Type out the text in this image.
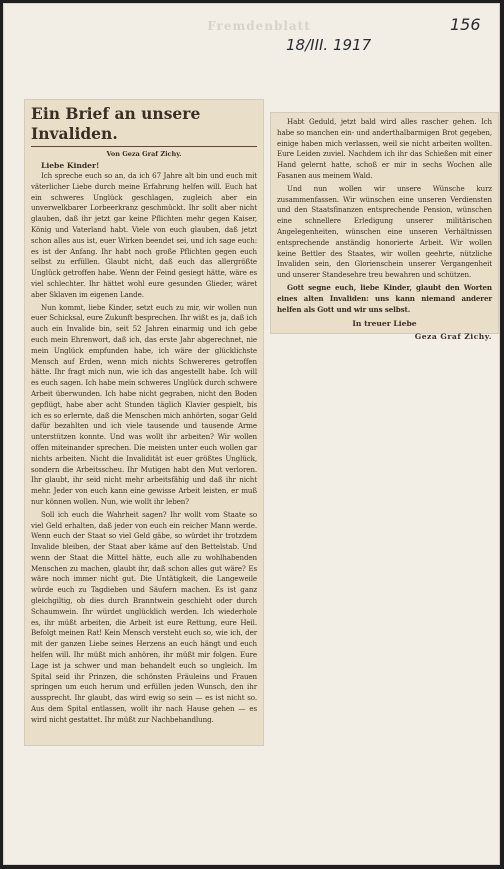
Fremdenblatt
18/III. 1917
156
Ein Brief an unsere Invaliden.
Von Geza Graf Zichy.
Liebe Kinder!

Ich spreche euch so an, da ich 67 Jahre alt bin und euch mit väterlicher Liebe durch meine Erfahrung helfen will. Euch hat ein schweres Unglück geschlagen, zugleich aber ein unverwelkbarer Lorbeerkranz geschmückt. Ihr sollt aber nicht glauben, daß ihr jetzt gar keine Pflichten mehr gegen Kaiser, König und Vaterland habt. Viele von euch glauben, daß jetzt schon alles aus ist, euer Wirken beendet sei, und ich sage euch: es ist der Anfang. Ihr habt noch große Pflichten gegen euch selbst zu erfüllen. Glaubt nicht, daß euch das allergrößte Unglück getroffen habe. Wenn der Feind gesiegt hätte, wäre es viel schlechter. Ihr hättet wohl eure gesunden Glieder, wäret aber Sklaven im eigenen Lande.

Nun kommt, liebe Kinder, setzt euch zu mir, wir wollen nun euer Schicksal, eure Zukunft besprechen. Ihr wißt es ja, daß ich auch ein Invalide bin, seit 52 Jahren einarmig und ich gebe euch mein Ehrenwort, daß ich, das erste Jahr abgerechnet, nie mein Unglück empfunden habe, ich wäre der glücklichste Mensch auf Erden, wenn mich nichts Schwereres getroffen hätte. Ihr fragt mich nun, wie ich das angestellt habe. Ich will es euch sagen. Ich habe mein schweres Unglück durch schwere Arbeit überwunden. Ich habe nicht gegraben, nicht den Boden gepflügt, habe aber acht Stunden täglich Klavier gespielt, bis ich es so erlernte, daß die Menschen mich anhörten, sogar Geld dafür bezahlten und ich viele tausende und tausende Arme unterstützen konnte. Und was wollt ihr arbeiten? Wir wollen offen miteinander sprechen. Die meisten unter euch wollen gar nichts arbeiten. Nicht die Invalidität ist euer größtes Unglück, sondern die Arbeitsscheu. Ihr Mutigen habt den Mut verloren. Ihr glaubt, ihr seid nicht mehr arbeitsfähig und daß ihr nicht mehr. Jeder von euch kann eine gewisse Arbeit leisten, er muß nur können wollen. Nun, wie wollt ihr leben?

Soll ich euch die Wahrheit sagen? Ihr wollt vom Staate so viel Geld erhalten, daß jeder von euch ein reicher Mann werde. Wenn euch der Staat so viel Geld gäbe, so würdet ihr trotzdem Invalide bleiben, der Staat aber käme auf den Bettelstab. Und wenn der Staat die Mittel hätte, euch alle zu wohlhabenden Menschen zu machen, glaubt ihr, daß schon alles gut wäre? Es wäre noch immer nicht gut. Die Untätigkeit, die Langeweile würde euch zu Tagdieben und Säufern machen. Es ist ganz gleichgiltig, ob dies durch Branntwein geschieht oder durch Schaumwein. Ihr würdet unglücklich werden. Ich wiederhole es, ihr müßt arbeiten, die Arbeit ist eure Rettung, eure Heil. Befolgt meinen Rat! Kein Mensch versteht euch so, wie ich, der mit der ganzen Liebe seines Herzens an euch hängt und euch helfen will. Ihr müßt mich anhören, ihr müßt mir folgen. Eure Lage ist ja schwer und man behandelt euch so ungleich. Im Spital seid ihr Prinzen, die schönsten Fräuleins und Frauen springen um euch herum und erfüllen jeden Wunsch, den ihr aussprecht. Ihr glaubt, das wird ewig so sein — es ist nicht so. Aus dem Spital entlassen, wollt ihr nach Hause gehen — es wird nicht gestattet. Ihr müßt zur Nachbehandlung.

Habt Geduld, jetzt bald wird alles rascher gehen. Ich habe so manchen ein- und anderthalbarmigen Brot gegeben, einige haben mich verlassen, weil sie nicht arbeiten wollten. Eure Leiden zuviel. Nachdem ich ihr das Schießen mit einer Hand gelernt hatte, schoß er mir in sechs Wochen alle Fasanen aus meinem Wald.

Und nun wollen wir unsere Wünsche kurz zusammenfassen. Wir wünschen eine unseren Verdiensten und den Staatsfinanzen entsprechende Pension, wünschen eine schnellere Erledigung unserer militärischen Angelegenheiten, wünschen eine unseren Verhältnissen entsprechende anständig honorierte Arbeit. Wir wollen keine Bettler des Staates, wir wollen geehrte, nützliche Invaliden sein, den Glorienschein unserer Vergangenheit und unserer Standesehre treu bewahren und schützen.

Gott segne euch, liebe Kinder, glaubt den Worten eines alten Invaliden: uns kann niemand anderer helfen als Gott und wir uns selbst.

In treuer Liebe
Geza Graf Zichy.
